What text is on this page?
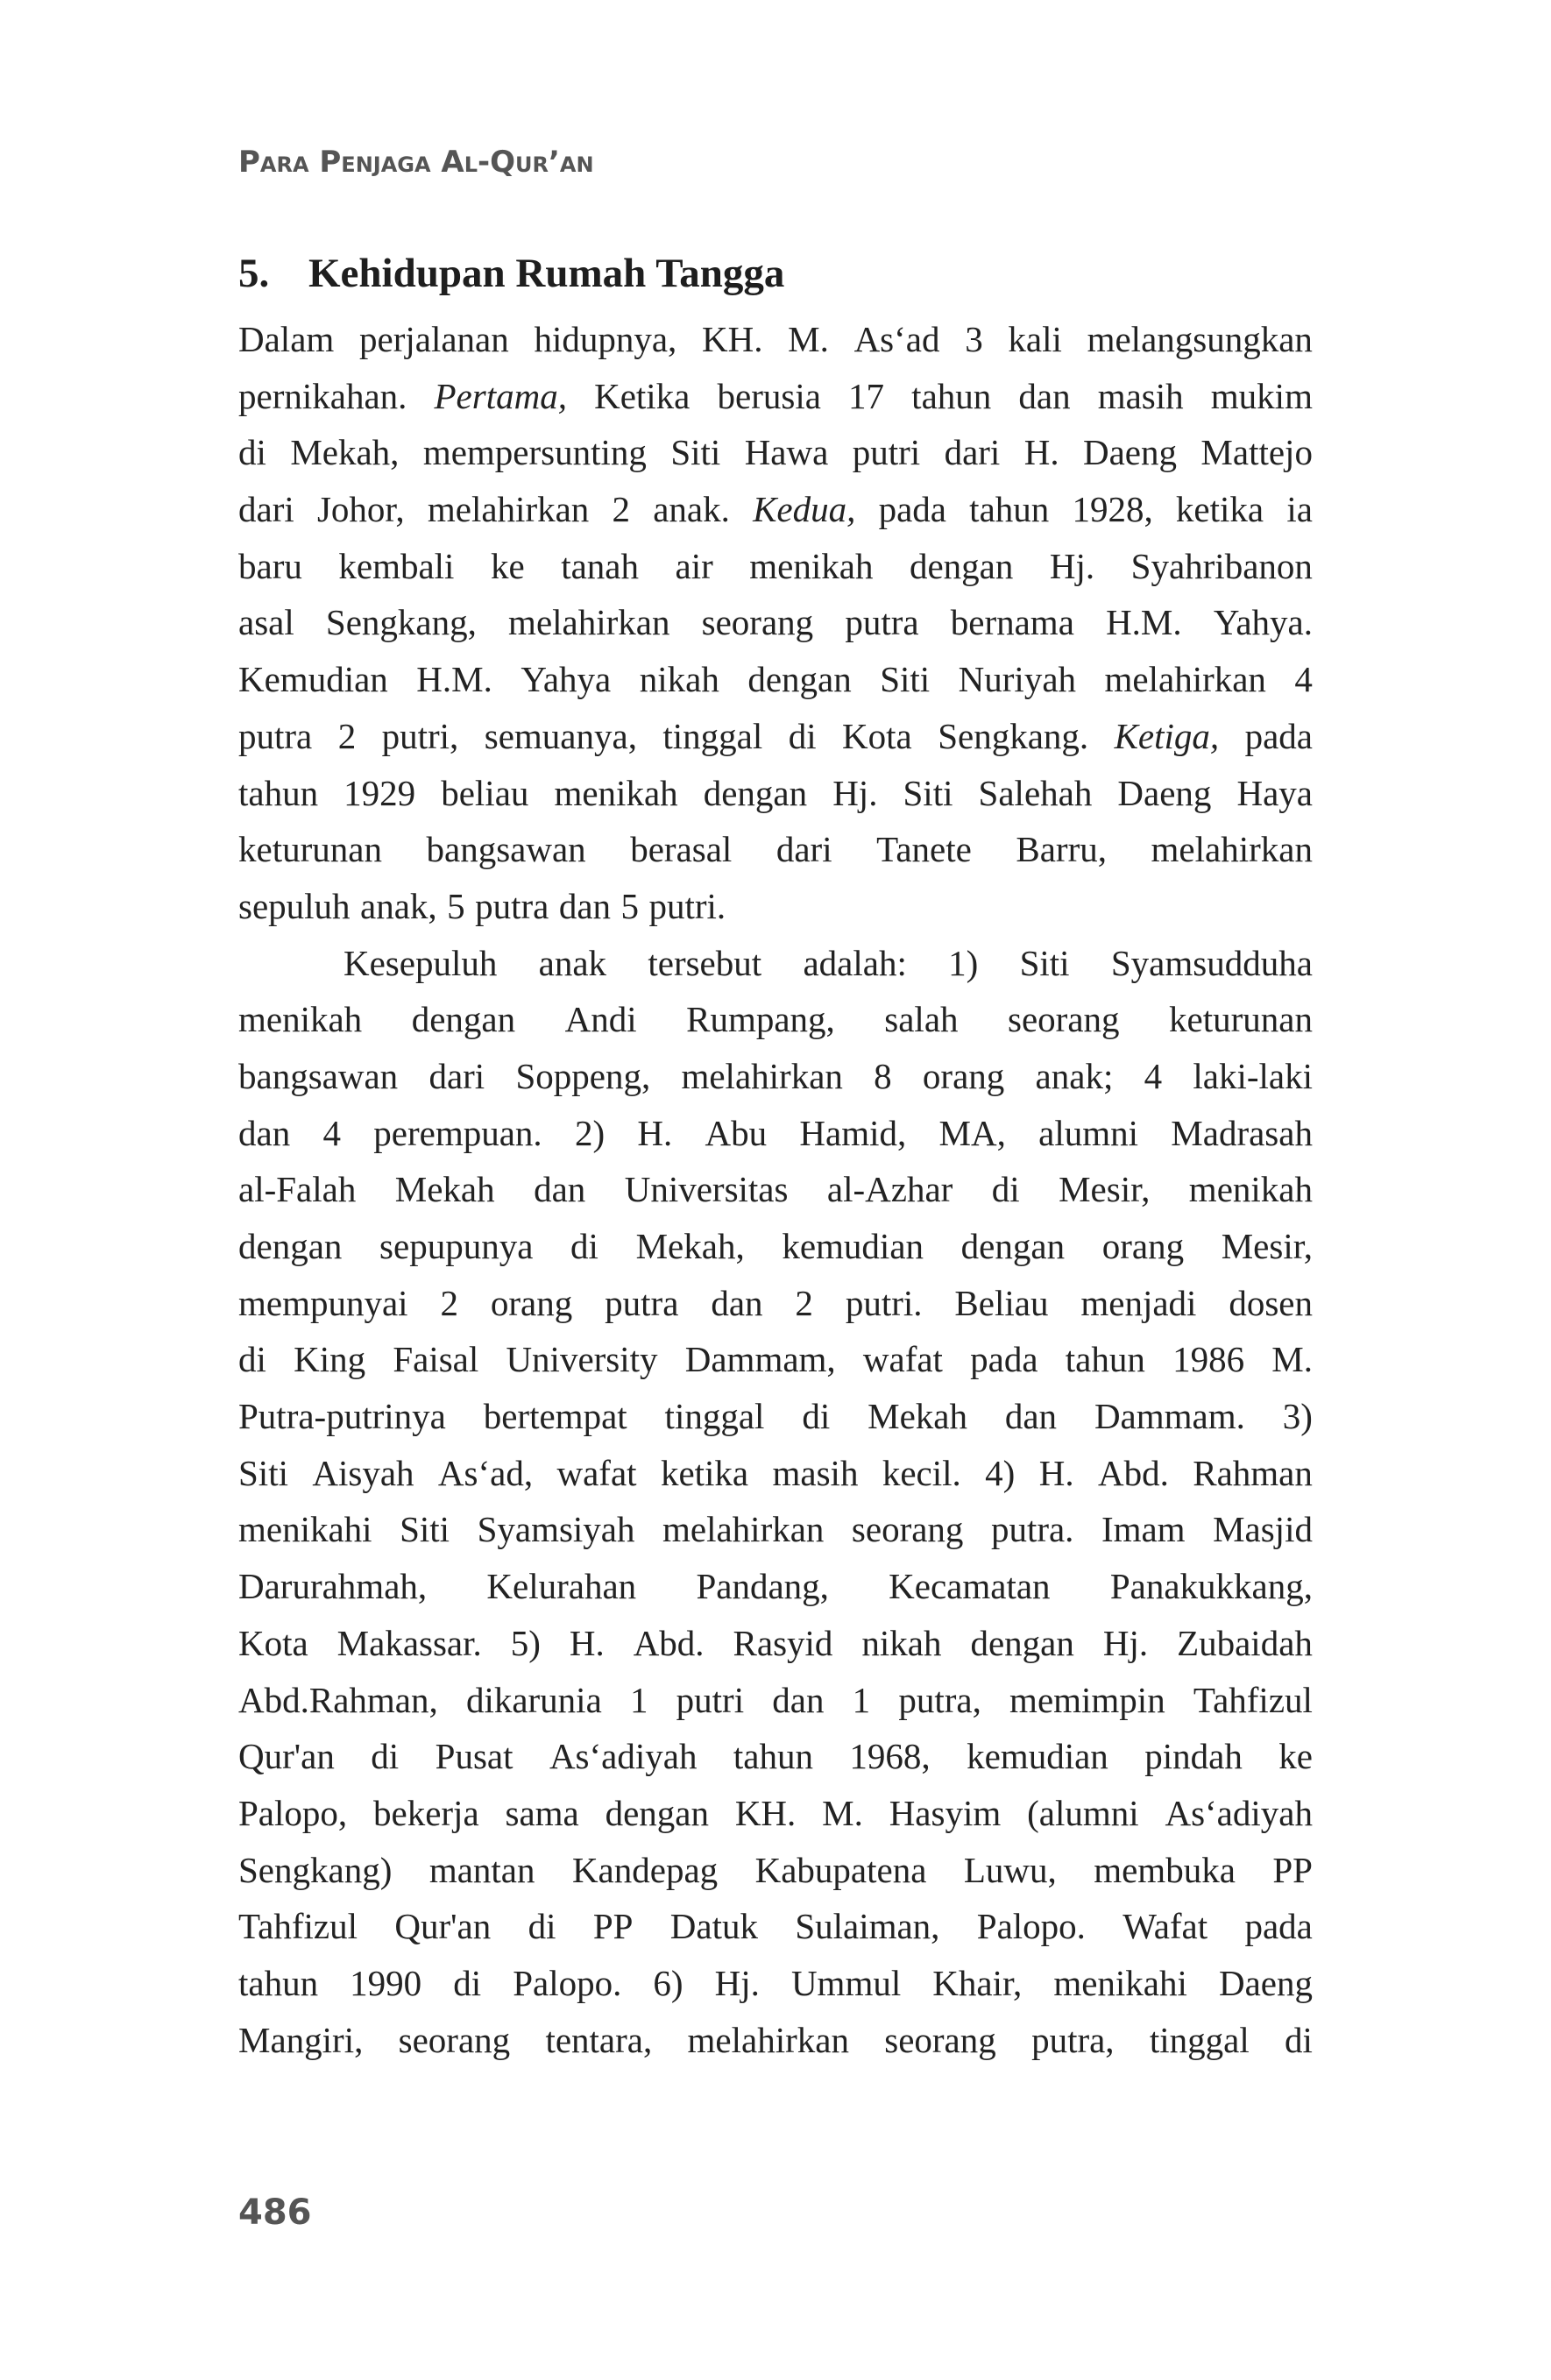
Para Penjaga Al-Qur’an
5. Kehidupan Rumah Tangga
Dalam perjalanan hidupnya, KH. M. As‘ad 3 kali melangsungkan
pernikahan. Pertama, Ketika berusia 17 tahun dan masih mukim
di Mekah, mempersunting Siti Hawa putri dari H. Daeng Mattejo
dari Johor, melahirkan 2 anak. Kedua, pada tahun 1928, ketika ia
baru kembali ke tanah air menikah dengan Hj. Syahribanon
asal Sengkang, melahirkan seorang putra bernama H.M. Yahya.
Kemudian H.M. Yahya nikah dengan Siti Nuriyah melahirkan 4
putra 2 putri, semuanya, tinggal di Kota Sengkang. Ketiga, pada
tahun 1929 beliau menikah dengan Hj. Siti Salehah Daeng Haya
keturunan bangsawan berasal dari Tanete Barru, melahirkan
sepuluh anak, 5 putra dan 5 putri.
Kesepuluh anak tersebut adalah: 1) Siti Syamsudduha
menikah dengan Andi Rumpang, salah seorang keturunan
bangsawan dari Soppeng, melahirkan 8 orang anak; 4 laki-laki
dan 4 perempuan. 2) H. Abu Hamid, MA, alumni Madrasah
al-Falah Mekah dan Universitas al-Azhar di Mesir, menikah
dengan sepupunya di Mekah, kemudian dengan orang Mesir,
mempunyai 2 orang putra dan 2 putri. Beliau menjadi dosen
di King Faisal University Dammam, wafat pada tahun 1986 M.
Putra-putrinya bertempat tinggal di Mekah dan Dammam. 3)
Siti Aisyah As‘ad, wafat ketika masih kecil. 4) H. Abd. Rahman
menikahi Siti Syamsiyah melahirkan seorang putra. Imam Masjid
Darurahmah, Kelurahan Pandang, Kecamatan Panakukkang,
Kota Makassar. 5) H. Abd. Rasyid nikah dengan Hj. Zubaidah
Abd.Rahman, dikarunia 1 putri dan 1 putra, memimpin Tahfizul
Qur'an di Pusat As‘adiyah tahun 1968, kemudian pindah ke
Palopo, bekerja sama dengan KH. M. Hasyim (alumni As‘adiyah
Sengkang) mantan Kandepag Kabupatena Luwu, membuka PP
Tahfizul Qur'an di PP Datuk Sulaiman, Palopo. Wafat pada
tahun 1990 di Palopo. 6) Hj. Ummul Khair, menikahi Daeng
Mangiri, seorang tentara, melahirkan seorang putra, tinggal di
486
